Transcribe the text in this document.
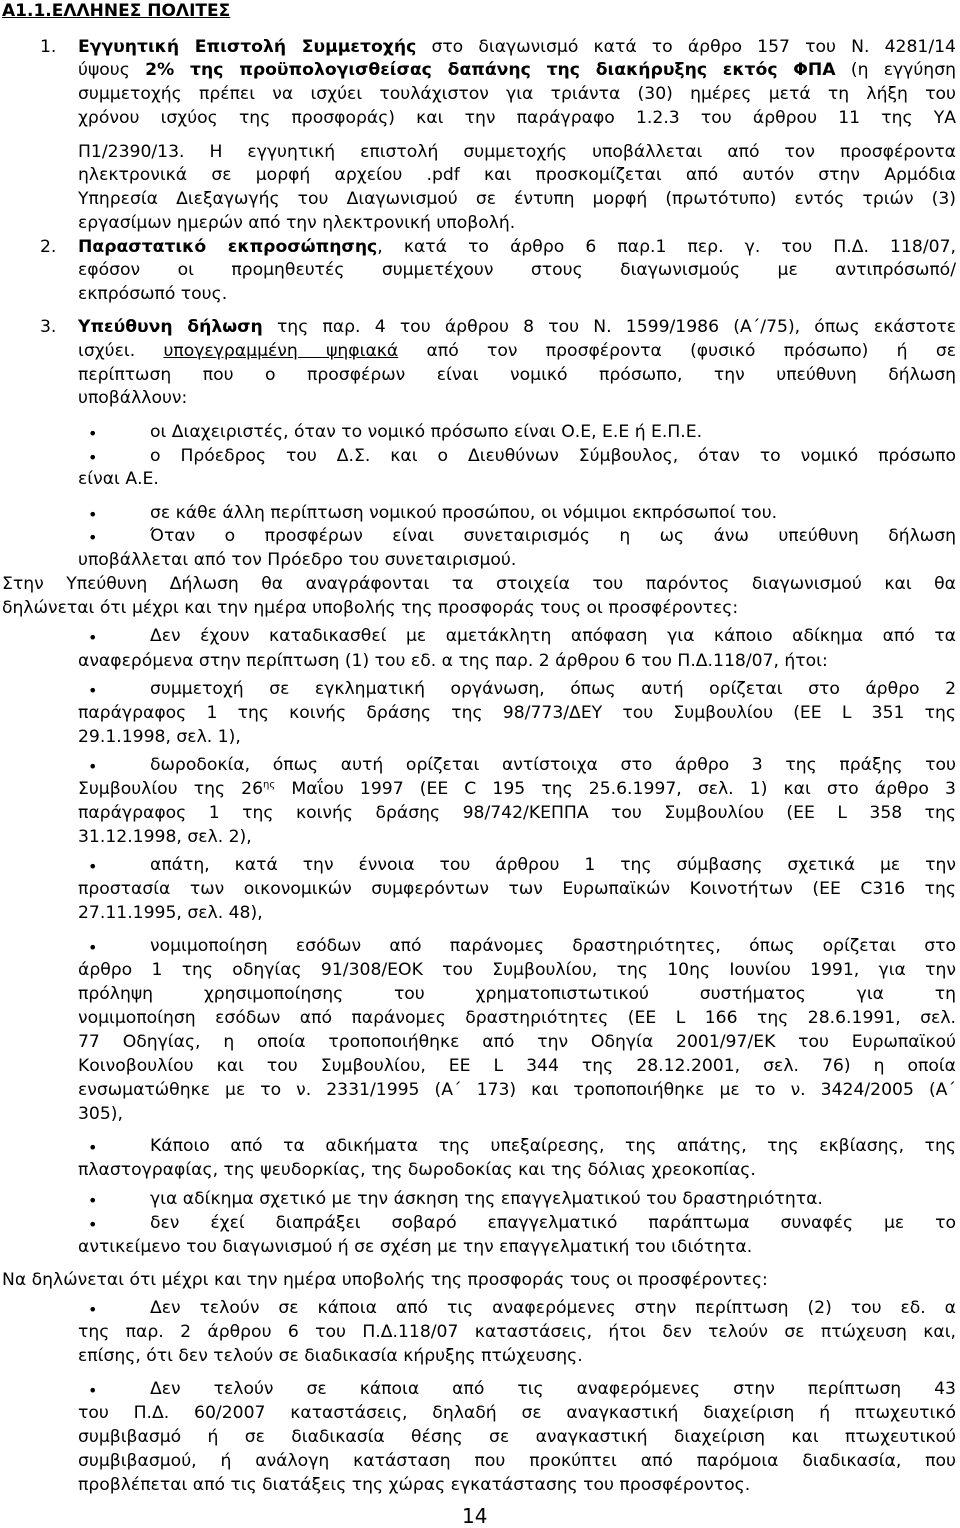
Α1.1.ΕΛΛΗΝΕΣ ΠΟΛΙΤΕΣ
1. Εγγυητική Επιστολή Συμμετοχής στο διαγωνισμό κατά το άρθρο 157 του Ν. 4281/14
ύψους 2% της προϋπολογισθείσας δαπάνης της διακήρυξης εκτός ΦΠΑ (η εγγύηση
συμμετοχής πρέπει να ισχύει τουλάχιστον για τριάντα (30) ημέρες μετά τη λήξη του
χρόνου ισχύος της προσφοράς) και την παράγραφο 1.2.3 του άρθρου 11 της ΥΑ
Π1/2390/13. Η εγγυητική επιστολή συμμετοχής υποβάλλεται από τον προσφέροντα
ηλεκτρονικά σε μορφή αρχείου .pdf και προσκομίζεται από αυτόν στην Αρμόδια
Υπηρεσία Διεξαγωγής του Διαγωνισμού σε έντυπη μορφή (πρωτότυπο) εντός τριών (3)
εργασίμων ημερών από την ηλεκτρονική υποβολή.
2. Παραστατικό εκπροσώπησης, κατά το άρθρο 6 παρ.1 περ. γ. του Π.Δ. 118/07,
εφόσον οι προμηθευτές συμμετέχουν στους διαγωνισμούς με αντιπρόσωπό/
εκπρόσωπό τους.
3. Υπεύθυνη δήλωση της παρ. 4 του άρθρου 8 του Ν. 1599/1986 (Α΄/75), όπως εκάστοτε
ισχύει. υπογεγραμμένη ψηφιακά από τον προσφέροντα (φυσικό πρόσωπο) ή σε
περίπτωση που ο προσφέρων είναι νομικό πρόσωπο, την υπεύθυνη δήλωση
υποβάλλουν:
•	οι Διαχειριστές, όταν το νομικό πρόσωπο είναι Ο.Ε, Ε.Ε ή Ε.Π.Ε.
•	ο Πρόεδρος του Δ.Σ. και ο Διευθύνων Σύμβουλος, όταν το νομικό πρόσωπο
είναι Α.Ε.
•	σε κάθε άλλη περίπτωση νομικού προσώπου, οι νόμιμοι εκπρόσωποί του.
•	Όταν ο προσφέρων είναι συνεταιρισμός η ως άνω υπεύθυνη δήλωση
υποβάλλεται από τον Πρόεδρο του συνεταιρισμού.
Στην Υπεύθυνη Δήλωση θα αναγράφονται τα στοιχεία του παρόντος διαγωνισμού και θα
δηλώνεται ότι μέχρι και την ημέρα υποβολής της προσφοράς τους οι προσφέροντες:
•	Δεν έχουν καταδικασθεί με αμετάκλητη απόφαση για κάποιο αδίκημα από τα
αναφερόμενα στην περίπτωση (1) του εδ. α της παρ. 2 άρθρου 6 του Π.Δ.118/07, ήτοι:
•	συμμετοχή σε εγκληματική οργάνωση, όπως αυτή ορίζεται στο άρθρο 2
παράγραφος 1 της κοινής δράσης της 98/773/ΔΕΥ του Συμβουλίου (ΕΕ L 351 της
29.1.1998, σελ. 1),
•	δωροδοκία, όπως αυτή ορίζεται αντίστοιχα στο άρθρο 3 της πράξης του
Συμβουλίου της $26^{\eta\varsigma}$ Μαΐου 1997 (ΕΕ C 195 της 25.6.1997, σελ. 1) και στο άρθρο 3
παράγραφος 1 της κοινής δράσης 98/742/ΚΕΠΠΑ του Συμβουλίου (ΕΕ L 358 της
31.12.1998, σελ. 2),
•	απάτη, κατά την έννοια του άρθρου 1 της σύμβασης σχετικά με την
προστασία των οικονομικών συμφερόντων των Ευρωπαϊκών Κοινοτήτων (ΕΕ C316 της
27.11.1995, σελ. 48),
•	νομιμοποίηση εσόδων από παράνομες δραστηριότητες, όπως ορίζεται στο
άρθρο 1 της οδηγίας 91/308/ΕΟΚ του Συμβουλίου, της 10ης Ιουνίου 1991, για την
πρόληψη χρησιμοποίησης του χρηματοπιστωτικού συστήματος για τη
νομιμοποίηση εσόδων από παράνομες δραστηριότητες (ΕΕ L 166 της 28.6.1991, σελ.
77 Οδηγίας, η οποία τροποποιήθηκε από την Οδηγία 2001/97/ΕΚ του Ευρωπαϊκού
Κοινοβουλίου και του Συμβουλίου, ΕΕ L 344 της 28.12.2001, σελ. 76) η οποία
ενσωματώθηκε με το ν. 2331/1995 (Α΄ 173) και τροποποιήθηκε με το ν. 3424/2005 (Α΄
305),
•	Κάποιο από τα αδικήματα της υπεξαίρεσης, της απάτης, της εκβίασης, της
πλαστογραφίας, της ψευδορκίας, της δωροδοκίας και της δόλιας χρεοκοπίας.
•	για αδίκημα σχετικό με την άσκηση της επαγγελματικού του δραστηριότητα.
•	δεν έχεί διαπράξει σοβαρό επαγγελματικό παράπτωμα συναφές με το
αντικείμενο του διαγωνισμού ή σε σχέση με την επαγγελματική του ιδιότητα.
Να δηλώνεται ότι μέχρι και την ημέρα υποβολής της προσφοράς τους οι προσφέροντες:
•	Δεν τελούν σε κάποια από τις αναφερόμενες στην περίπτωση (2) του εδ. α
της παρ. 2 άρθρου 6 του Π.Δ.118/07 καταστάσεις, ήτοι δεν τελούν σε πτώχευση και,
επίσης, ότι δεν τελούν σε διαδικασία κήρυξης πτώχευσης.
•	Δεν τελούν σε κάποια από τις αναφερόμενες στην περίπτωση 43
του Π.Δ. 60/2007 καταστάσεις, δηλαδή σε αναγκαστική διαχείριση ή πτωχευτικό
συμβιβασμό ή σε διαδικασία θέσης σε αναγκαστική διαχείριση και πτωχευτικού
συμβιβασμού, ή ανάλογη κατάσταση που προκύπτει από παρόμοια διαδικασία, που
προβλέπεται από τις διατάξεις της χώρας εγκατάστασης του προσφέροντος.
14
